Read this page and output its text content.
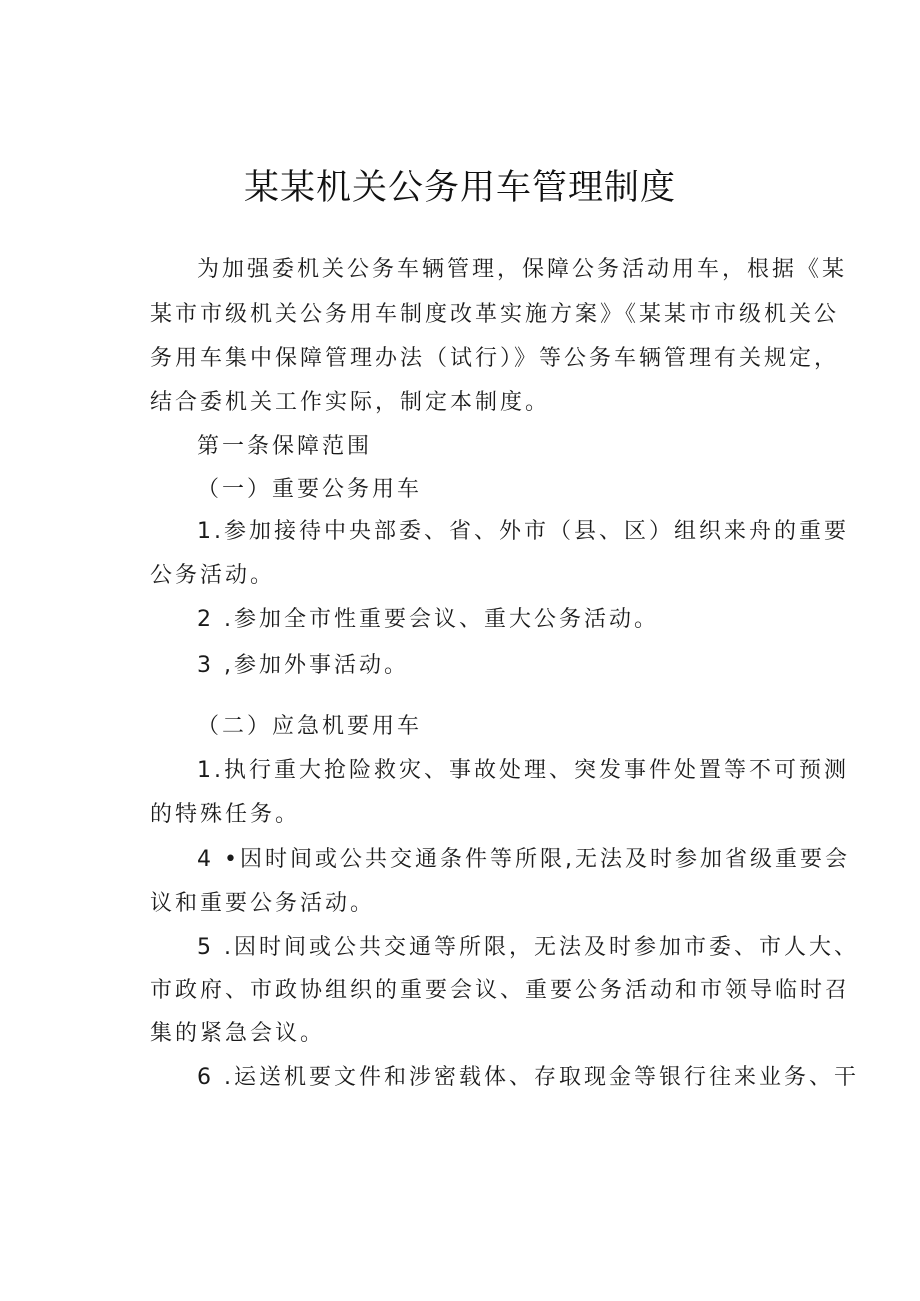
某某机关公务用车管理制度

为加强委机关公务车辆管理，保障公务活动用车，根据《某

某市市级机关公务用车制度改革实施方案》《某某市市级机关公

务用车集中保障管理办法（试行）》等公务车辆管理有关规定，

结合委机关工作实际，制定本制度。

第一条保障范围

（一）重要公务用车

1.参加接待中央部委、省、外市（县、区）组织来舟的重要

公务活动。

2 .参加全市性重要会议、重大公务活动。

3 ,参加外事活动。

（二）应急机要用车

1.执行重大抢险救灾、事故处理、突发事件处置等不可预测

的特殊任务。

4 •因时间或公共交通条件等所限,无法及时参加省级重要会

议和重要公务活动。

5 .因时间或公共交通等所限，无法及时参加市委、市人大、

市政府、市政协组织的重要会议、重要公务活动和市领导临时召

集的紧急会议。

6 .运送机要文件和涉密载体、存取现金等银行往来业务、干
